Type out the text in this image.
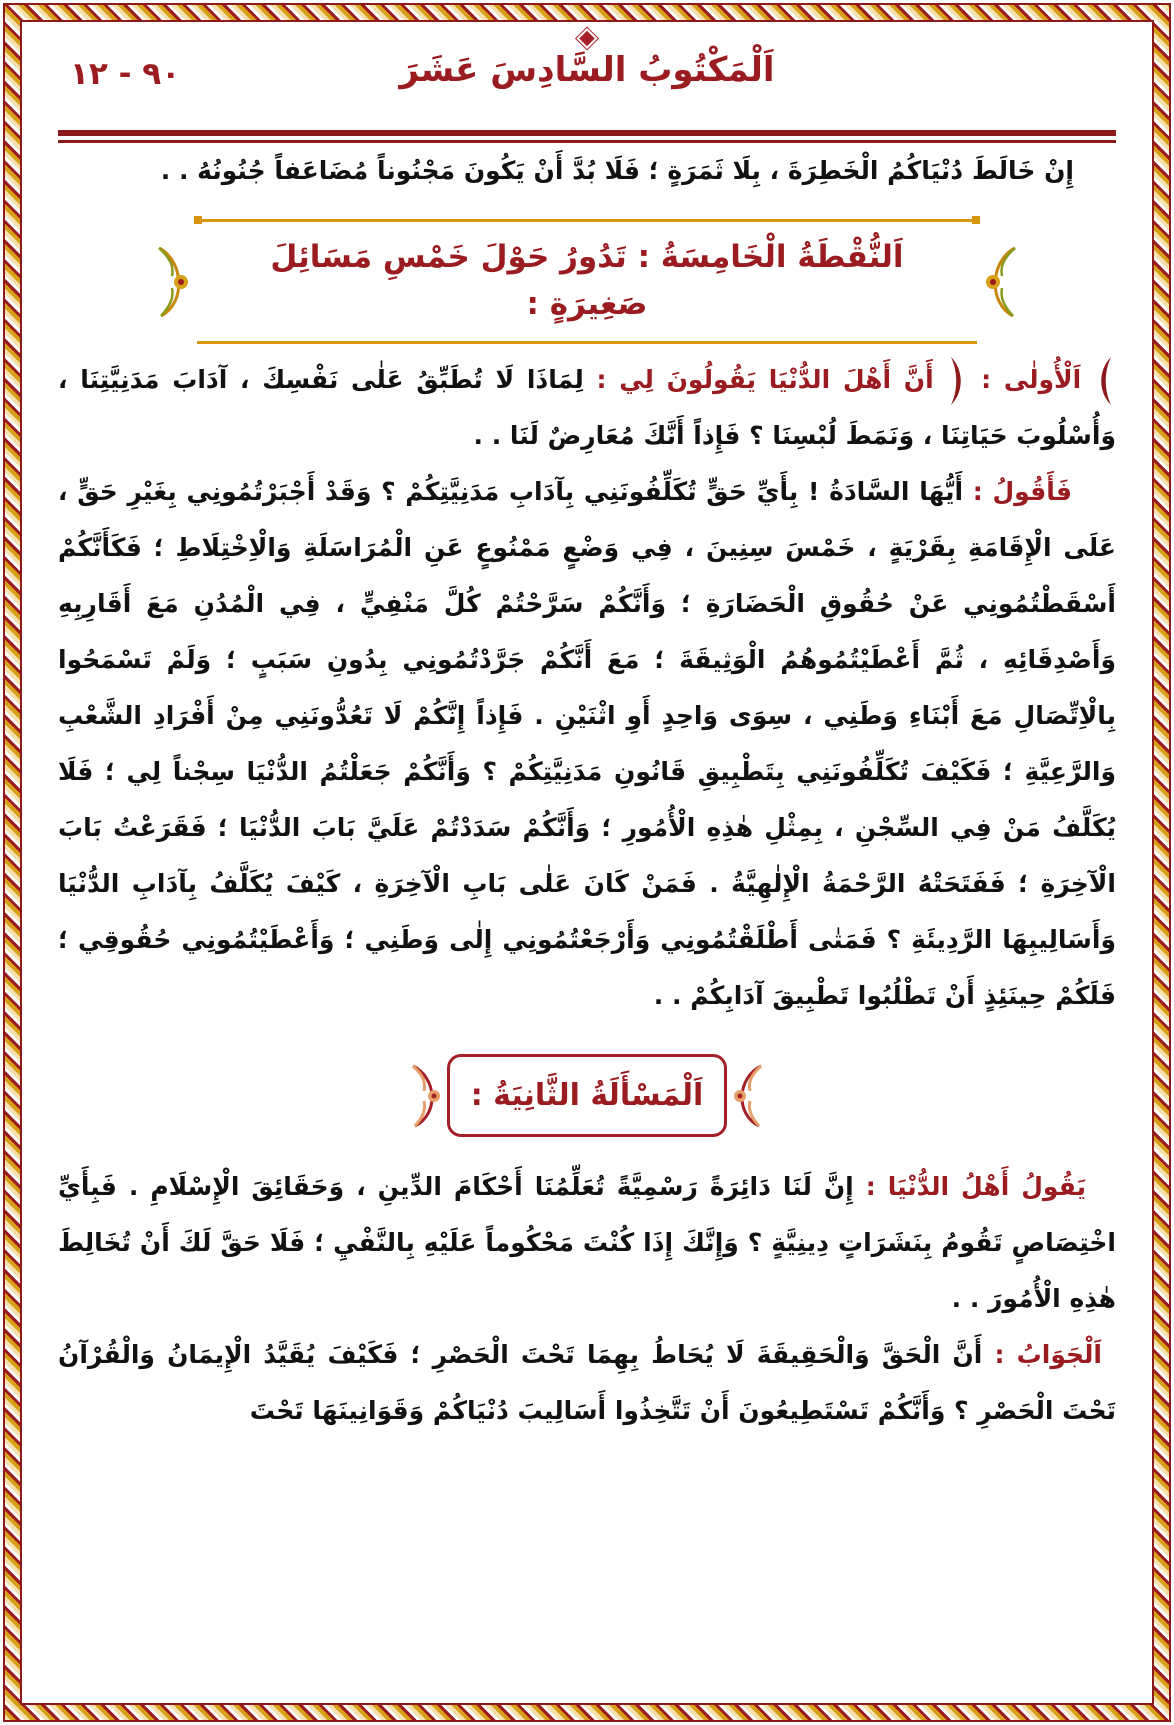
٩٠ - ١٢	اَلْمَكْتُوبُ السَّادِسَ عَشَرَ

إِنْ خَالَطَ دُنْيَاكُمُ الْخَطِرَةَ ، بِلَا ثَمَرَةٍ ؛ فَلَا بُدَّ أَنْ يَكُونَ مَجْنُوناً مُضَاعَفاً جُنُونُهُ . .

اَلنُّقْطَةُ الْخَامِسَةُ : تَدُورُ حَوْلَ خَمْسِ مَسَائِلَ صَغِيرَةٍ :

اَلْأُولٰى :  أَنَّ أَهْلَ الدُّنْيَا يَقُولُونَ لِي : لِمَاذَا لَا تُطَبِّقُ عَلٰى نَفْسِكَ ، آدَابَ مَدَنِيَّتِنَا ، وَأُسْلُوبَ حَيَاتِنَا ، وَنَمَطَ لُبْسِنَا ؟ فَإِذاً أَنَّكَ مُعَارِضٌ لَنَا . .

فَأَقُولُ : أَيُّهَا السَّادَةُ ! بِأَيِّ حَقٍّ تُكَلِّفُونَنِي بِآدَابِ مَدَنِيَّتِكُمْ ؟ وَقَدْ أَجْبَرْتُمُونِي بِغَيْرِ حَقٍّ ، عَلَى الْإِقَامَةِ بِقَرْيَةٍ ، خَمْسَ سِنِينَ ، فِي وَضْعٍ مَمْنُوعٍ عَنِ الْمُرَاسَلَةِ وَالْاِخْتِلَاطِ ؛ فَكَأَنَّكُمْ أَسْقَطْتُمُونِي عَنْ حُقُوقِ الْحَضَارَةِ ؛ وَأَنَّكُمْ سَرَّحْتُمْ كُلَّ مَنْفِيٍّ ، فِي الْمُدُنِ مَعَ أَقَارِبِهِ وَأَصْدِقَائِهِ ، ثُمَّ أَعْطَيْتُمُوهُمُ الْوَثِيقَةَ ؛ مَعَ أَنَّكُمْ جَرَّدْتُمُونِي بِدُونِ سَبَبٍ ؛ وَلَمْ تَسْمَحُوا بِالْاِتِّصَالِ مَعَ أَبْنَاءِ وَطَنِي ، سِوَى وَاحِدٍ أَوِ اثْنَيْنِ . فَإِذاً إِنَّكُمْ لَا تَعُدُّونَنِي مِنْ أَفْرَادِ الشَّعْبِ وَالرَّعِيَّةِ ؛ فَكَيْفَ تُكَلِّفُونَنِي بِتَطْبِيقِ قَانُونِ مَدَنِيَّتِكُمْ ؟ وَأَنَّكُمْ جَعَلْتُمُ الدُّنْيَا سِجْناً لِي ؛ فَلَا يُكَلَّفُ مَنْ فِي السِّجْنِ ، بِمِثْلِ هٰذِهِ الْأُمُورِ ؛ وَأَنَّكُمْ سَدَدْتُمْ عَلَيَّ بَابَ الدُّنْيَا ؛ فَقَرَعْتُ بَابَ الْآخِرَةِ ؛ فَفَتَحَتْهُ الرَّحْمَةُ الْإِلٰهِيَّةُ . فَمَنْ كَانَ عَلٰى بَابِ الْآخِرَةِ ، كَيْفَ يُكَلَّفُ بِآدَابِ الدُّنْيَا وَأَسَالِيبِهَا الرَّدِيئَةِ ؟ فَمَتٰى أَطْلَقْتُمُونِي وَأَرْجَعْتُمُونِي إِلٰى وَطَنِي ؛ وَأَعْطَيْتُمُونِي حُقُوقِي ؛ فَلَكُمْ حِينَئِذٍ أَنْ تَطْلُبُوا تَطْبِيقَ آدَابِكُمْ . .

اَلْمَسْأَلَةُ الثَّانِيَةُ :

يَقُولُ أَهْلُ الدُّنْيَا : إِنَّ لَنَا دَائِرَةً رَسْمِيَّةً تُعَلِّمُنَا أَحْكَامَ الدِّينِ ، وَحَقَائِقَ الْإِسْلَامِ . فَبِأَيِّ اخْتِصَاصٍ تَقُومُ بِنَشَرَاتٍ دِينِيَّةٍ ؟ وَإِنَّكَ إِذَا كُنْتَ مَحْكُوماً عَلَيْهِ بِالنَّفْيِ ؛ فَلَا حَقَّ لَكَ أَنْ تُخَالِطَ هٰذِهِ الْأُمُورَ . .

اَلْجَوَابُ : أَنَّ الْحَقَّ وَالْحَقِيقَةَ لَا يُحَاطُ بِهِمَا تَحْتَ الْحَصْرِ ؛ فَكَيْفَ يُقَيَّدُ الْإِيمَانُ وَالْقُرْآنُ تَحْتَ الْحَصْرِ ؟ وَأَنَّكُمْ تَسْتَطِيعُونَ أَنْ تَتَّخِذُوا أَسَالِيبَ دُنْيَاكُمْ وَقَوَانِينَهَا تَحْتَ
